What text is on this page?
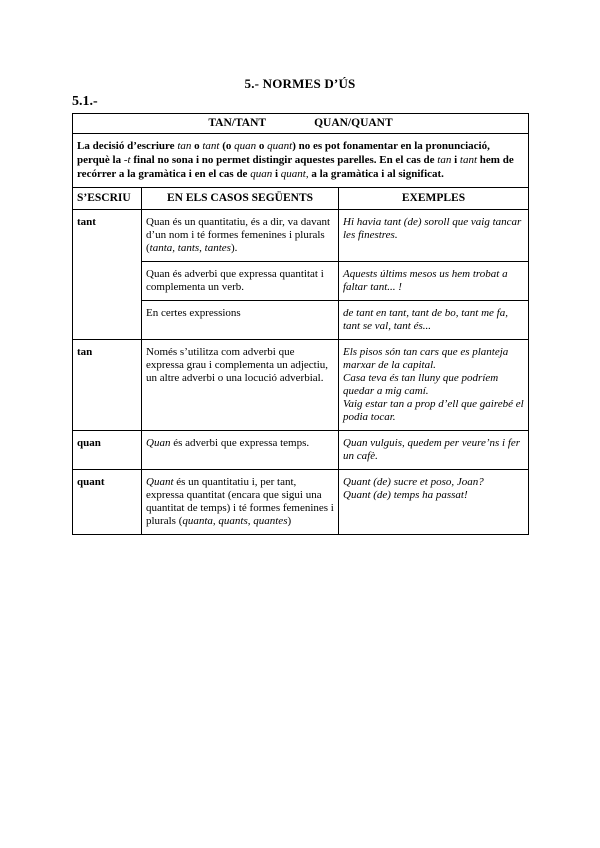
5.- NORMES D’ÚS
5.1.-
TAN/TANT QUAN/QUANT		
La decisió d’escriure tan o tant (o quan o quant) no es pot fonamentar en la pronunciació, perquè la -t final no sona i no permet distingir aquestes parelles. En el cas de tan i tant hem de recórrer a la gramàtica i en el cas de quan i quant, a la gramàtica i al significat.		
S’ESCRIU	EN ELS CASOS SEGÜENTS	EXEMPLES
tant	Quan és un quantitatiu, és a dir, va davant d’un nom i té formes femenines i plurals (tanta, tants, tantes).	Hi havia tant (de) soroll que vaig tancar les finestres.

	Quan és adverbi que expressa quantitat i complementa un verb.	Aquests últims mesos us hem trobat a faltar tant... !

	En certes expressions	de tant en tant, tant de bo, tant me fa, tant se val, tant és...

tan	Només s’utilitza com adverbi que expressa grau i complementa un adjectiu, un altre adverbi o una locució adverbial.	Els pisos són tan cars que es planteja marxar de la capital.
Casa teva és tan lluny que podríem quedar a mig camí.
Vaig estar tan a prop d’ell que gairebé el podia tocar.

quan	Quan és adverbi que expressa temps.	Quan vulguis, quedem per veure’ns i fer un cafè.

quant	Quant és un quantitatiu i, per tant, expressa quantitat (encara que sigui una quantitat de temps) i té formes femenines i plurals (quanta, quants, quantes)	Quant (de) sucre et poso, Joan?
Quant (de) temps ha passat!
